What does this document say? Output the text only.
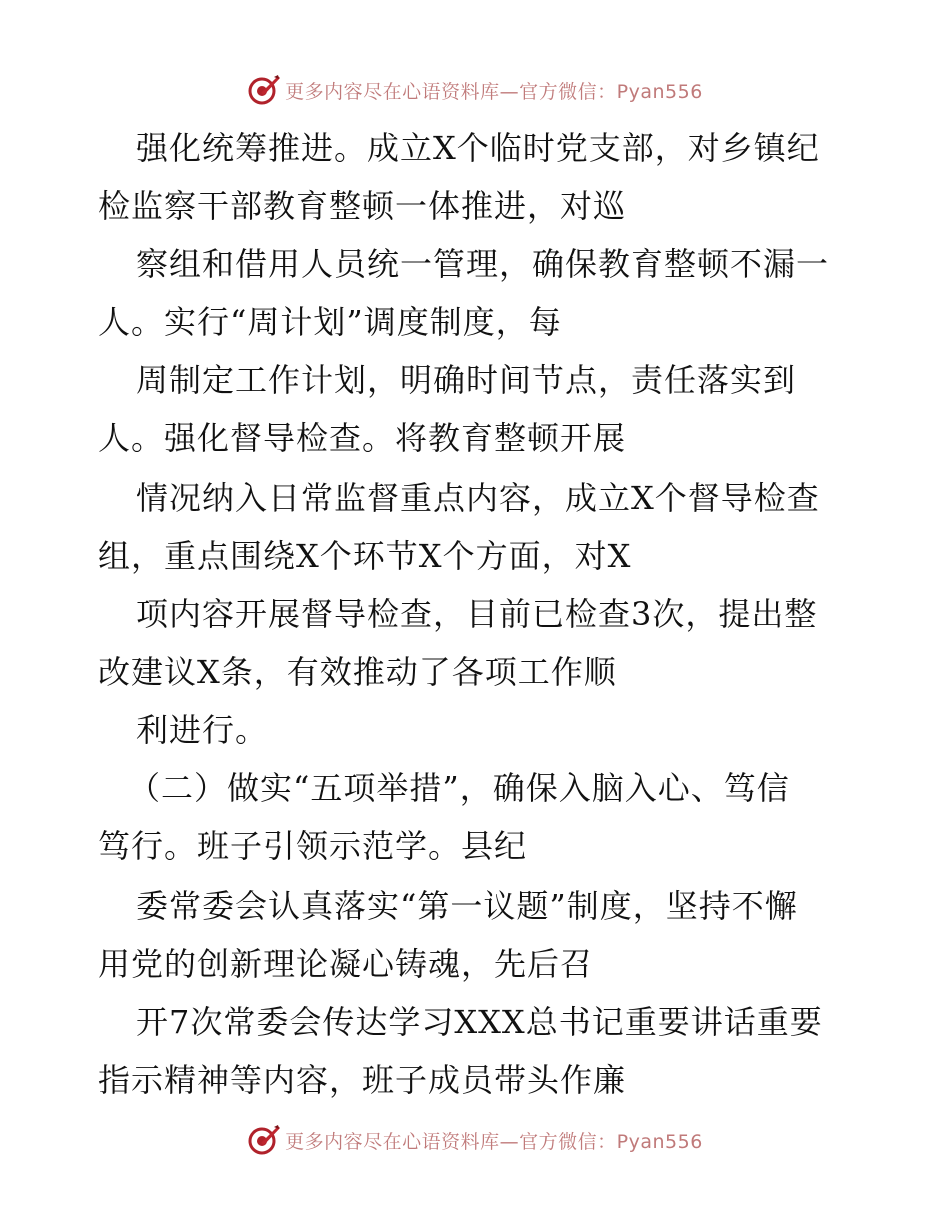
更多内容尽在心语资料库—官方微信：Pyan556
强化统筹推进。成立X个临时党支部，对乡镇纪
检监察干部教育整顿一体推进，对巡
察组和借用人员统一管理，确保教育整顿不漏一
人。实行“周计划”调度制度，每
周制定工作计划，明确时间节点，责任落实到
人。强化督导检查。将教育整顿开展
情况纳入日常监督重点内容，成立X个督导检查
组，重点围绕X个环节X个方面，对X
项内容开展督导检查，目前已检查3次，提出整
改建议X条，有效推动了各项工作顺
利进行。
（二）做实“五项举措”，确保入脑入心、笃信
笃行。班子引领示范学。县纪
委常委会认真落实“第一议题”制度，坚持不懈
用党的创新理论凝心铸魂，先后召
开7次常委会传达学习XXX总书记重要讲话重要
指示精神等内容，班子成员带头作廉
更多内容尽在心语资料库—官方微信：Pyan556
